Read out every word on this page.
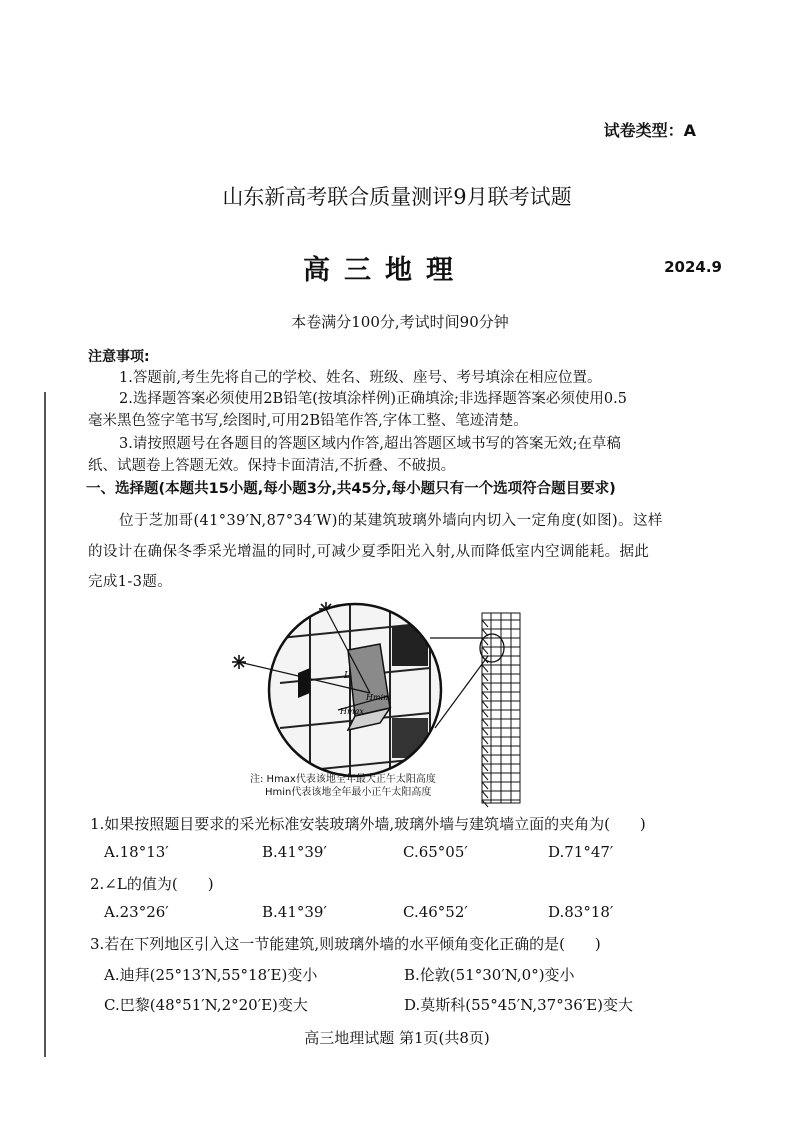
试卷类型：A
山东新高考联合质量测评9月联考试题
高三地理	2024.9
本卷满分100分,考试时间90分钟
注意事项:
1.答题前,考生先将自己的学校、姓名、班级、座号、考号填涂在相应位置。
2.选择题答案必须使用2B铅笔(按填涂样例)正确填涂;非选择题答案必须使用0.5
毫米黑色签字笔书写,绘图时,可用2B铅笔作答,字体工整、笔迹清楚。
3.请按照题号在各题目的答题区域内作答,超出答题区域书写的答案无效;在草稿
纸、试题卷上答题无效。保持卡面清洁,不折叠、不破损。
一、选择题(本题共15小题,每小题3分,共45分,每小题只有一个选项符合题目要求)
位于芝加哥(41°39′N,87°34′W)的某建筑玻璃外墙向内切入一定角度(如图)。这样
的设计在确保冬季采光增温的同时,可减少夏季阳光入射,从而降低室内空调能耗。据此
完成1-3题。
L
Hmin
Hmax
注: Hmax代表该地全年最大正午太阳高度
Hmin代表该地全年最小正午太阳高度
1.如果按照题目要求的采光标准安装玻璃外墙,玻璃外墙与建筑墙立面的夹角为(　　)
A.18°13′	B.41°39′	C.65°05′	D.71°47′
2.∠L的值为(　　)
A.23°26′	B.41°39′	C.46°52′	D.83°18′
3.若在下列地区引入这一节能建筑,则玻璃外墙的水平倾角变化正确的是(　　)
A.迪拜(25°13′N,55°18′E)变小	B.伦敦(51°30′N,0°)变小
C.巴黎(48°51′N,2°20′E)变大	D.莫斯科(55°45′N,37°36′E)变大
高三地理试题 第1页(共8页)
